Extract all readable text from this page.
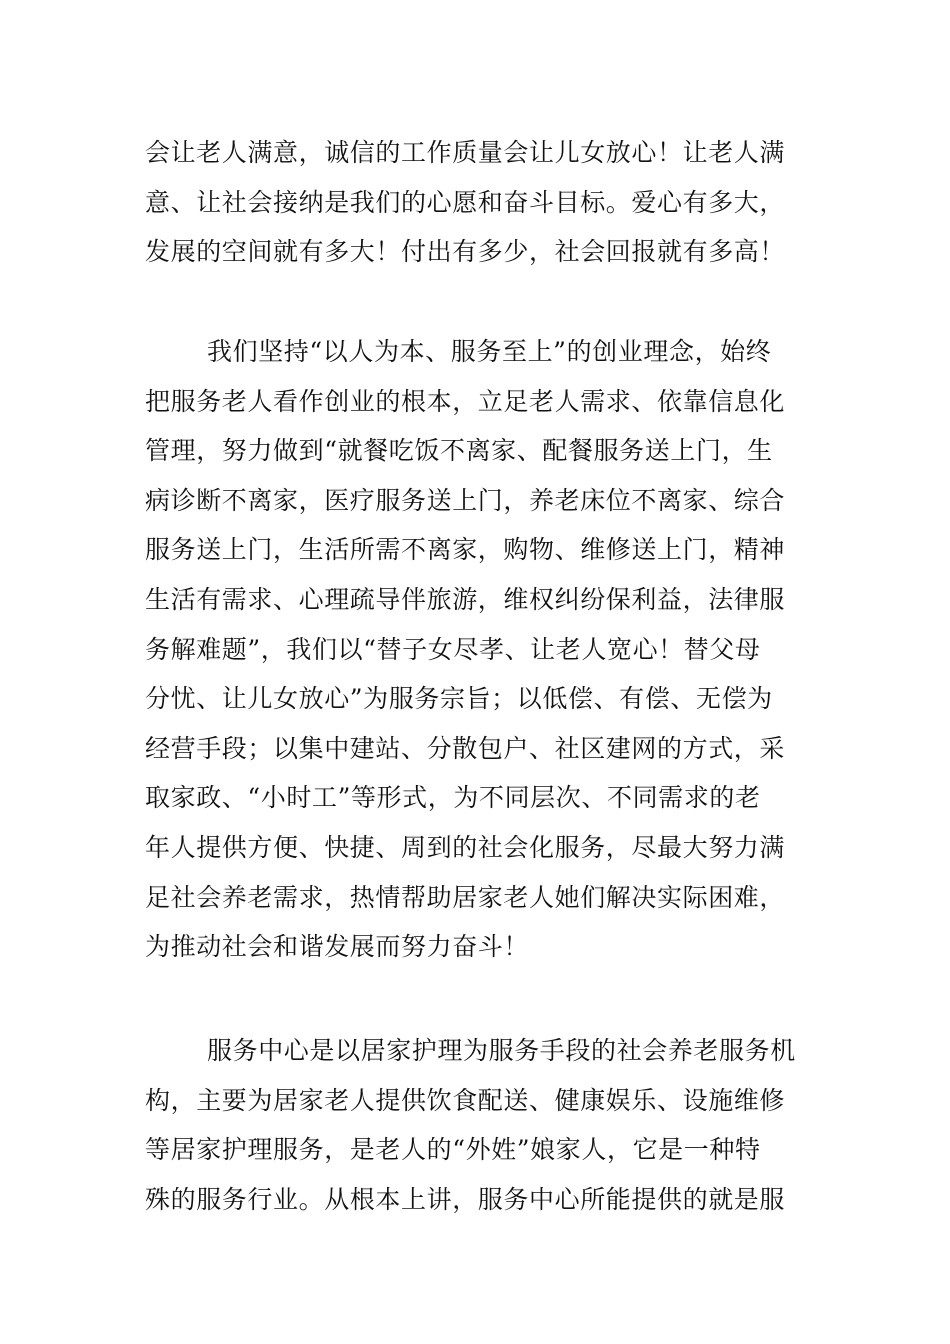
会让老人满意，诚信的工作质量会让儿女放心！让老人满
意、让社会接纳是我们的心愿和奋斗目标。爱心有多大，
发展的空间就有多大！付出有多少，社会回报就有多高！

我们坚持“以人为本、服务至上”的创业理念，始终
把服务老人看作创业的根本，立足老人需求、依靠信息化
管理，努力做到“就餐吃饭不离家、配餐服务送上门，生
病诊断不离家，医疗服务送上门，养老床位不离家、综合
服务送上门，生活所需不离家，购物、维修送上门，精神
生活有需求、心理疏导伴旅游，维权纠纷保利益，法律服
务解难题”，我们以“替子女尽孝、让老人宽心！替父母
分忧、让儿女放心”为服务宗旨；以低偿、有偿、无偿为
经营手段；以集中建站、分散包户、社区建网的方式，采
取家政、“小时工”等形式，为不同层次、不同需求的老
年人提供方便、快捷、周到的社会化服务，尽最大努力满
足社会养老需求，热情帮助居家老人她们解决实际困难，
为推动社会和谐发展而努力奋斗！

服务中心是以居家护理为服务手段的社会养老服务机
构，主要为居家老人提供饮食配送、健康娱乐、设施维修
等居家护理服务，是老人的“外姓”娘家人，它是一种特
殊的服务行业。从根本上讲，服务中心所能提供的就是服
